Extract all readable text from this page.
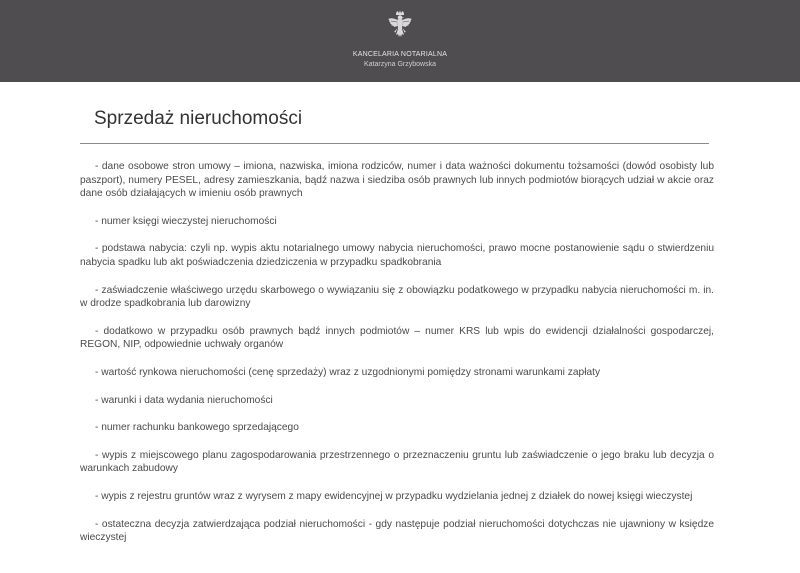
KANCELARIA NOTARIALNA
Katarzyna Grzybowska
Sprzedaż nieruchomości

- dane osobowe stron umowy – imiona, nazwiska, imiona rodziców, numer i data ważności dokumentu tożsamości (dowód osobisty lub paszport), numery PESEL, adresy zamieszkania, bądź nazwa i siedziba osób prawnych lub innych podmiotów biorących udział w akcie oraz dane osób działających w imieniu osób prawnych

- numer księgi wieczystej nieruchomości

- podstawa nabycia: czyli np. wypis aktu notarialnego umowy nabycia nieruchomości, prawo mocne postanowienie sądu o stwierdzeniu nabycia spadku lub akt poświadczenia dziedziczenia w przypadku spadkobrania

- zaświadczenie właściwego urzędu skarbowego o wywiązaniu się z obowiązku podatkowego w przypadku nabycia nieruchomości m. in. w drodze spadkobrania lub darowizny

- dodatkowo w przypadku osób prawnych bądź innych podmiotów – numer KRS lub wpis do ewidencji działalności gospodarczej, REGON, NIP, odpowiednie uchwały organów

- wartość rynkowa nieruchomości (cenę sprzedaży) wraz z uzgodnionymi pomiędzy stronami warunkami zapłaty

- warunki i data wydania nieruchomości

- numer rachunku bankowego sprzedającego

- wypis z miejscowego planu zagospodarowania przestrzennego o przeznaczeniu gruntu lub zaświadczenie o jego braku lub decyzja o warunkach zabudowy

- wypis z rejestru gruntów wraz z wyrysem z mapy ewidencyjnej w przypadku wydzielania jednej z działek do nowej księgi wieczystej

- ostateczna decyzja zatwierdzająca podział nieruchomości - gdy następuje podział nieruchomości dotychczas nie ujawniony w księdze wieczystej
